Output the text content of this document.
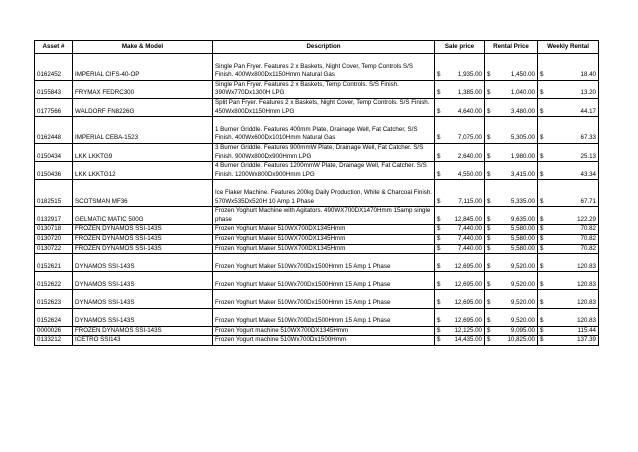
Asset #	Make & Model	Description	Sale price	Rental Price	Weekly Rental
0162452	IMPERIAL CIFS-40-OP	Single Pan Fryer. Features 2 x Baskets, Night Cover, Temp Controls S/S Finish. 400Wx800Dx1150Hmm Natural Gas	$ 1,935.00	$ 1,450.00	$ 18.40

0155843	FRYMAX FEDRC300	Single Pan Fryer. Features 2 x Baskets, Temp Controls. S/S Finish. 390Wx770Dx1300H LPG	$ 1,385.00	$ 1,040.00	$ 13.20

0177566	WALDORF FN8226G	Split Pan Fryer. Features 2 x Baskets, Night Cover, Temp Controls. S/S Finish. 450Wx800Dx1150Hmm LPG	$ 4,640.00	$ 3,480.00	$ 44.17

0162448	IMPERIAL CEBA-1523	1 Burner Griddle. Features 400mm Plate, Drainage Well, Fat Catcher, S/S Finish. 400Wx600Dx1010Hmm Natural Gas	$ 7,075.00	$ 5,305.00	$ 67.33

0150434	LKK LKKTG9	3 Burner Griddle. Features 900mmW Plate, Drainage Well, Fat Catcher. S/S Finish. 900Wx800Dx900Hmm LPG	$ 2,640.00	$ 1,980.00	$ 25.13

0150436	LKK LKKTG12	4 Burner Griddle. Features 1200mmW Plate, Drainage Well, Fat Catcher. S/S Finish. 1200Wx800Dx900Hmm LPG	$ 4,550.00	$ 3,415.00	$ 43.34

0182515	SCOTSMAN MF36	Ice Flaker Machine. Features 200kg Daily Production, White & Charcoal Finish. 570Wx535Dx520H 10 Amp 1 Phase	$ 7,115.00	$ 5,335.00	$ 67.71

0132917	GELMATIC MATIC 500G	Frozen Yoghurt Machine with Agitators. 490WX700DX1470Hmm 15amp single phase	$ 12,845.00	$ 9,635.00	$ 122.29

0130718	FROZEN DYNAMOS SSI-143S	Frozen Yoghurt Maker 510WX700DX1345Hmm	$ 7,440.00	$ 5,580.00	$ 70.82

0130720	FROZEN DYNAMOS SSI-143S	Frozen Yoghurt Maker 510WX700DX1345Hmm	$ 7,440.00	$ 5,580.00	$ 70.82

0130722	FROZEN DYNAMOS SSI-143S	Frozen Yoghurt Maker 510WX700DX1345Hmm	$ 7,440.00	$ 5,580.00	$ 70.82

0152621	DYNAMOS SSI-143S	Frozen Yoghurt Maker 510Wx700Dx1500Hmm 15 Amp 1 Phase	$ 12,695.00	$ 9,520.00	$ 120.83

0152622	DYNAMOS SSI-143S	Frozen Yoghurt Maker 510Wx700Dx1500Hmm 15 Amp 1 Phase	$ 12,695.00	$ 9,520.00	$ 120.83

0152623	DYNAMOS SSI-143S	Frozen Yoghurt Maker 510Wx700Dx1500Hmm 15 Amp 1 Phase	$ 12,695.00	$ 9,520.00	$ 120.83

0152624	DYNAMOS SSI-143S	Frozen Yoghurt Maker 510Wx700Dx1500Hmm 15 Amp 1 Phase	$ 12,695.00	$ 9,520.00	$ 120.83

0000026	FROZEN DYNAMOS SSI-143S	Frozen Yogurt machine 510WX700DX1345Hmm	$ 12,125.00	$ 9,095.00	$ 115.44

0133212	ICETRO SSI143	Frozen Yogurt machine 510Wx700Dx1500Hmm	$ 14,435.00	$ 10,825.00	$ 137.39
